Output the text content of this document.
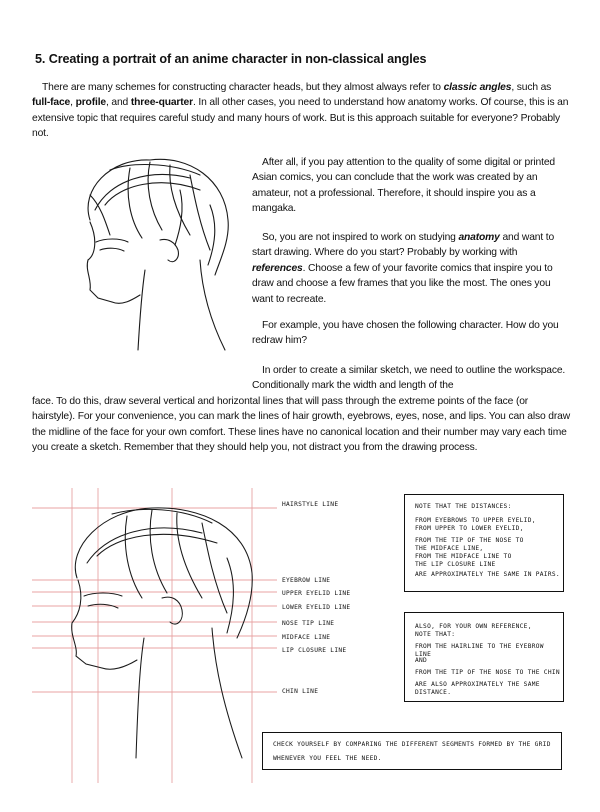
5. Creating a portrait of an anime character in non-classical angles
There are many schemes for constructing character heads, but they almost always refer to classic angles, such as full-face, profile, and three-quarter. In all other cases, you need to understand how anatomy works. Of course, this is an extensive topic that requires careful study and many hours of work. But is this approach suitable for everyone? Probably not.
After all, if you pay attention to the quality of some digital or printed Asian comics, you can conclude that the work was created by an amateur, not a professional. Therefore, it should inspire you as a mangaka.
So, you are not inspired to work on studying anatomy and want to start drawing. Where do you start? Probably by working with references. Choose a few of your favorite comics that inspire you to draw and choose a few frames that you like the most. The ones you want to recreate.
For example, you have chosen the following character. How do you redraw him?
In order to create a similar sketch, we need to outline the workspace. Conditionally mark the width and length of the
face. To do this, draw several vertical and horizontal lines that will pass through the extreme points of the face (or hairstyle). For your convenience, you can mark the lines of hair growth, eyebrows, eyes, nose, and lips. You can also draw the midline of the face for your own comfort. These lines have no canonical location and their number may vary each time you create a sketch. Remember that they should help you, not distract you from the drawing process.
HAIRSTYLE LINE
EYEBROW LINE
UPPER EYELID LINE
LOWER EYELID LINE
NOSE TIP LINE
MIDFACE LINE
LIP CLOSURE LINE
CHIN LINE
NOTE THAT THE DISTANCES:
FROM EYEBROWS TO UPPER EYELID,
FROM UPPER TO LOWER EYELID,
FROM THE TIP OF THE NOSE TO
THE MIDFACE LINE,
FROM THE MIDFACE LINE TO
THE LIP CLOSURE LINE
ARE APPROXIMATELY THE SAME IN PAIRS.
ALSO, FOR YOUR OWN REFERENCE,
NOTE THAT:
FROM THE HAIRLINE TO THE EYEBROW LINE
AND
FROM THE TIP OF THE NOSE TO THE CHIN
ARE ALSO APPROXIMATELY THE SAME
DISTANCE.
CHECK YOURSELF BY COMPARING THE DIFFERENT SEGMENTS FORMED BY THE GRID
WHENEVER YOU FEEL THE NEED.
